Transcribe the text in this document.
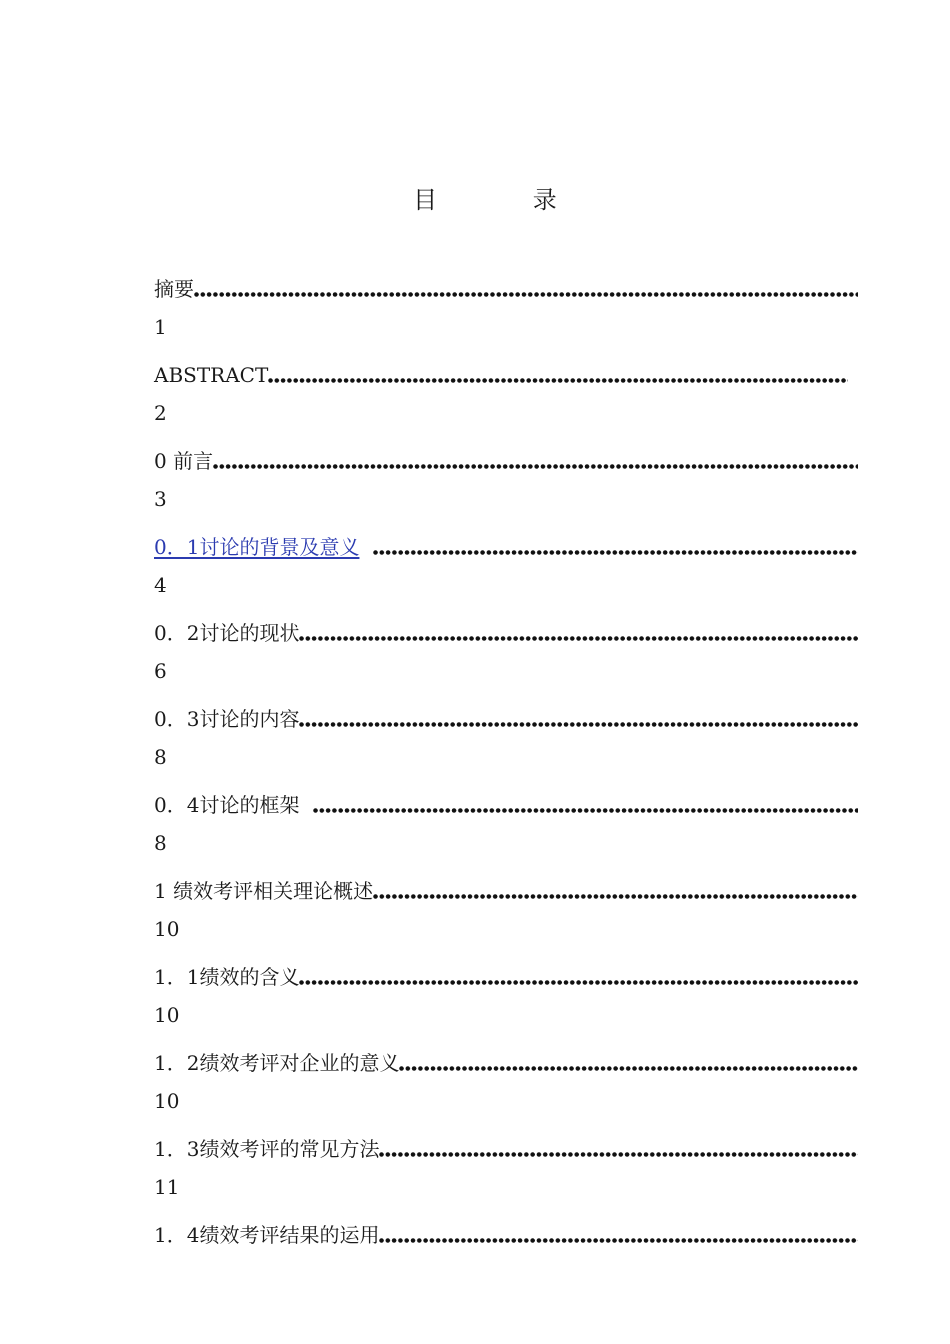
目 录
摘要
1
ABSTRACT
2
0 前言
3
0．1讨论的背景及意义
4
0．2讨论的现状
6
0．3讨论的内容
8
0．4讨论的框架
8
1 绩效考评相关理论概述
10
1．1绩效的含义
10
1．2绩效考评对企业的意义
10
1．3绩效考评的常见方法
11
1．4绩效考评结果的运用
